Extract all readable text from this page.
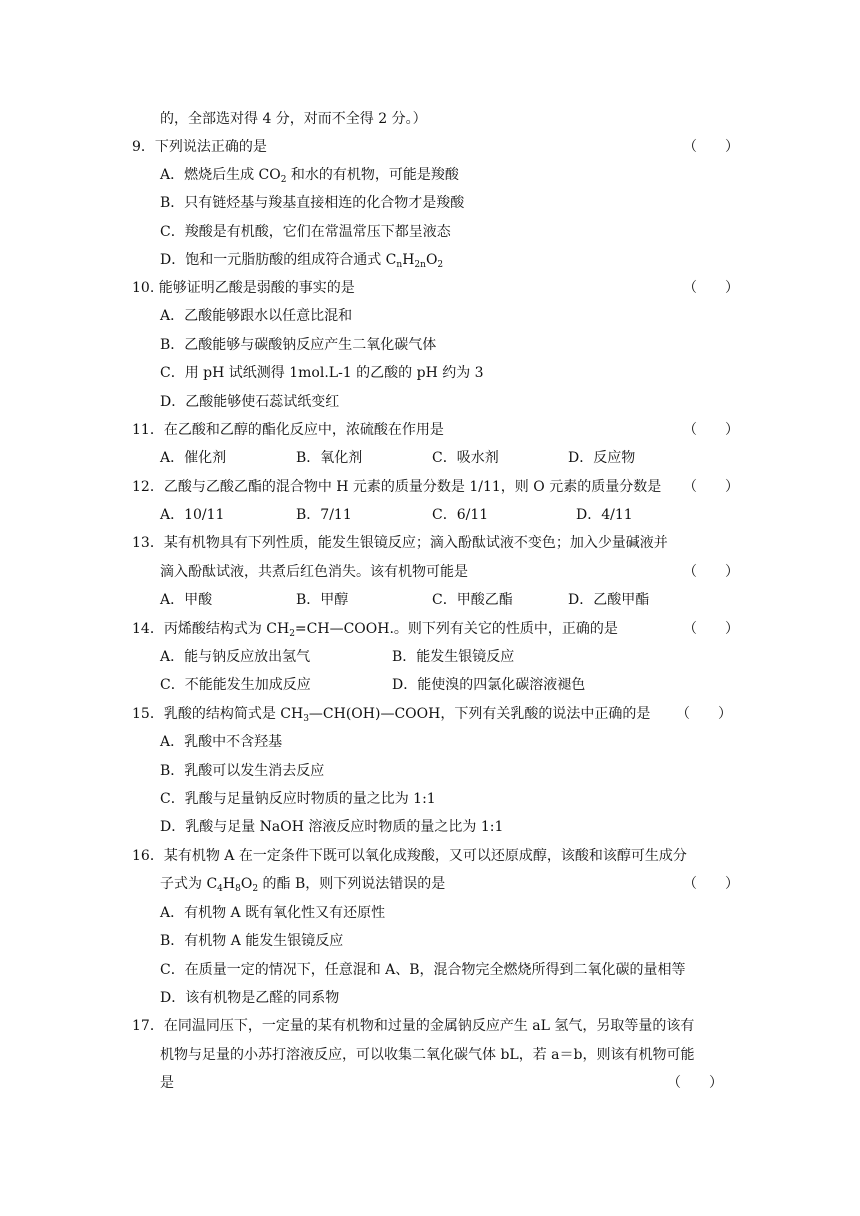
的，全部选对得 4 分，对而不全得 2 分。）
9．下列说法正确的是	（　　）
A．燃烧后生成 $CO_2$ 和水的有机物，可能是羧酸
B．只有链烃基与羧基直接相连的化合物才是羧酸
C．羧酸是有机酸，它们在常温常压下都呈液态
D．饱和一元脂肪酸的组成符合通式 $C_nH_{2n}O_2$
10. 能够证明乙酸是弱酸的事实的是	（　　）
A．乙酸能够跟水以任意比混和
B．乙酸能够与碳酸钠反应产生二氧化碳气体
C．用 pH 试纸测得 1mol.L-1 的乙酸的 pH 约为 3
D．乙酸能够使石蕊试纸变红
11．在乙酸和乙醇的酯化反应中，浓硫酸在作用是	（　　）
A．催化剂	B．氧化剂	C．吸水剂	D．反应物
12．乙酸与乙酸乙酯的混合物中 H 元素的质量分数是 1/11，则 O 元素的质量分数是 （　　）
A．10/11	B．7/11	C．6/11	D．4/11
13．某有机物具有下列性质，能发生银镜反应；滴入酚酞试液不变色；加入少量碱液并
滴入酚酞试液，共煮后红色消失。该有机物可能是	（　　）
A．甲酸	B．甲醇	C．甲酸乙酯	D．乙酸甲酯
14．丙烯酸结构式为 $CH_2=CH—COOH$.。则下列有关它的性质中，正确的是	（　　）
A．能与钠反应放出氢气	B．能发生银镜反应
C．不能能发生加成反应	D．能使溴的四氯化碳溶液褪色
15．乳酸的结构简式是 $CH_3—CH(OH)—COOH$，下列有关乳酸的说法中正确的是 （　　）
A．乳酸中不含羟基
B．乳酸可以发生消去反应
C．乳酸与足量钠反应时物质的量之比为 1:1
D．乳酸与足量 NaOH 溶液反应时物质的量之比为 1:1
16．某有机物 A 在一定条件下既可以氧化成羧酸，又可以还原成醇，该酸和该醇可生成分
子式为 $C_4H_8O_2$ 的酯 B，则下列说法错误的是	（　　）
A．有机物 A 既有氧化性又有还原性
B．有机物 A 能发生银镜反应
C．在质量一定的情况下，任意混和 A、B，混合物完全燃烧所得到二氧化碳的量相等
D．该有机物是乙醛的同系物
17．在同温同压下，一定量的某有机物和过量的金属钠反应产生 aL 氢气，另取等量的该有
机物与足量的小苏打溶液反应，可以收集二氧化碳气体 bL，若 a＝b，则该有机物可能
是	（　　）
